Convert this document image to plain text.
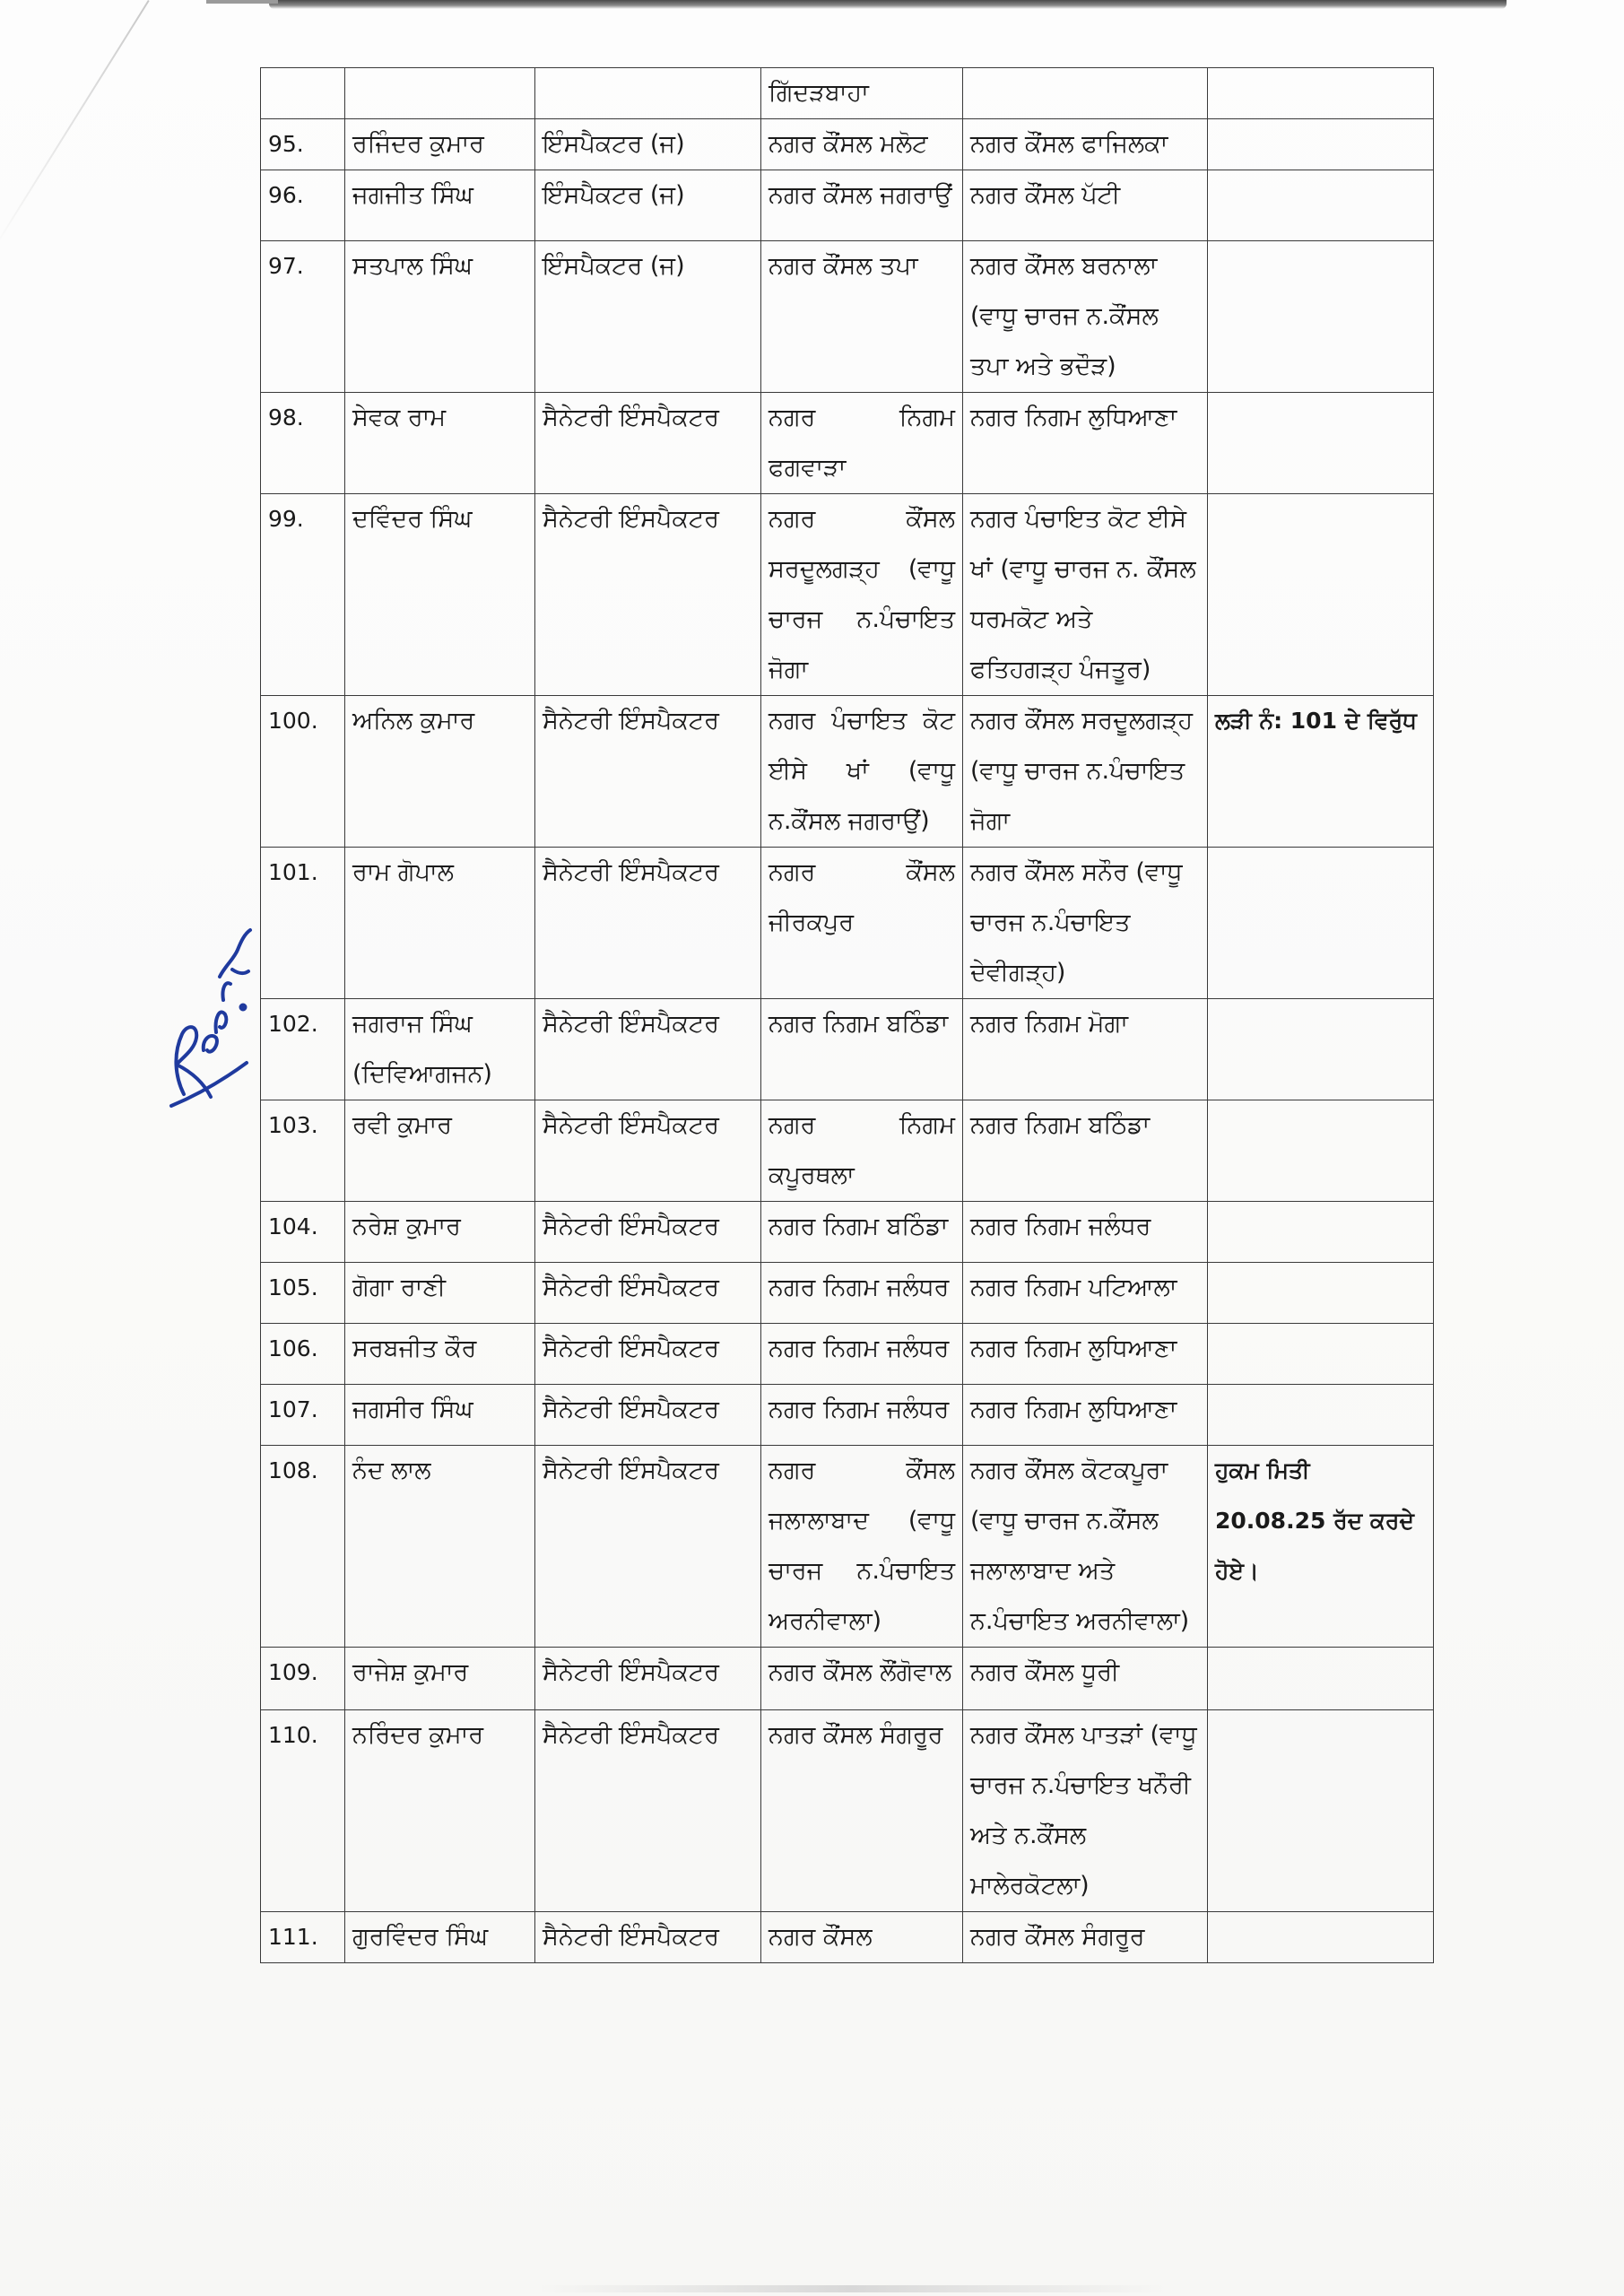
			ਗਿੱਦੜਬਾਹਾ		
95.	ਰਜਿੰਦਰ ਕੁਮਾਰ	ਇੰਸਪੈਕਟਰ (ਜ)	ਨਗਰ ਕੌਂਸਲ ਮਲੋਟ	ਨਗਰ ਕੌਂਸਲ ਫਾਜਿਲਕਾ	
96.	ਜਗਜੀਤ ਸਿੰਘ	ਇੰਸਪੈਕਟਰ (ਜ)	ਨਗਰ ਕੌਂਸਲ ਜਗਰਾਉਂ	ਨਗਰ ਕੌਂਸਲ ਪੱਟੀ	
97.	ਸਤਪਾਲ ਸਿੰਘ	ਇੰਸਪੈਕਟਰ (ਜ)	ਨਗਰ ਕੌਂਸਲ ਤਪਾ	ਨਗਰ ਕੌਂਸਲ ਬਰਨਾਲਾ (ਵਾਧੂ ਚਾਰਜ ਨ.ਕੌਂਸਲ ਤਪਾ ਅਤੇ ਭਦੌੜ)	
98.	ਸੇਵਕ ਰਾਮ	ਸੈਨੇਟਰੀ ਇੰਸਪੈਕਟਰ	ਨਗਰ ਨਿਗਮ ਫਗਵਾੜਾ	ਨਗਰ ਨਿਗਮ ਲੁਧਿਆਣਾ	
99.	ਦਵਿੰਦਰ ਸਿੰਘ	ਸੈਨੇਟਰੀ ਇੰਸਪੈਕਟਰ	ਨਗਰ ਕੌਂਸਲ ਸਰਦੂਲਗੜ੍ਹ (ਵਾਧੂ ਚਾਰਜ ਨ.ਪੰਚਾਇਤ ਜੋਗਾ	ਨਗਰ ਪੰਚਾਇਤ ਕੋਟ ਈਸੇ ਖਾਂ (ਵਾਧੂ ਚਾਰਜ ਨ. ਕੌਂਸਲ ਧਰਮਕੋਟ ਅਤੇ ਫਤਿਹਗੜ੍ਹ ਪੰਜਤੂਰ)	
100.	ਅਨਿਲ ਕੁਮਾਰ	ਸੈਨੇਟਰੀ ਇੰਸਪੈਕਟਰ	ਨਗਰ ਪੰਚਾਇਤ ਕੋਟ ਈਸੇ ਖਾਂ (ਵਾਧੂ ਨ.ਕੌਂਸਲ ਜਗਰਾਉਂ)	ਨਗਰ ਕੌਂਸਲ ਸਰਦੂਲਗੜ੍ਹ (ਵਾਧੂ ਚਾਰਜ ਨ.ਪੰਚਾਇਤ ਜੋਗਾ	ਲੜੀ ਨੰ: 101 ਦੇ ਵਿਰੁੱਧ
101.	ਰਾਮ ਗੋਪਾਲ	ਸੈਨੇਟਰੀ ਇੰਸਪੈਕਟਰ	ਨਗਰ ਕੌਂਸਲ ਜੀਰਕਪੁਰ	ਨਗਰ ਕੌਂਸਲ ਸਨੌਰ (ਵਾਧੂ ਚਾਰਜ ਨ.ਪੰਚਾਇਤ ਦੇਵੀਗੜ੍ਹ)	
102.	ਜਗਰਾਜ ਸਿੰਘ (ਦਿਵਿਆਗਜਨ)	ਸੈਨੇਟਰੀ ਇੰਸਪੈਕਟਰ	ਨਗਰ ਨਿਗਮ ਬਠਿੰਡਾ	ਨਗਰ ਨਿਗਮ ਮੋਗਾ	
103.	ਰਵੀ ਕੁਮਾਰ	ਸੈਨੇਟਰੀ ਇੰਸਪੈਕਟਰ	ਨਗਰ ਨਿਗਮ ਕਪੂਰਥਲਾ	ਨਗਰ ਨਿਗਮ ਬਠਿੰਡਾ	
104.	ਨਰੇਸ਼ ਕੁਮਾਰ	ਸੈਨੇਟਰੀ ਇੰਸਪੈਕਟਰ	ਨਗਰ ਨਿਗਮ ਬਠਿੰਡਾ	ਨਗਰ ਨਿਗਮ ਜਲੰਧਰ	
105.	ਗੋਗਾ ਰਾਣੀ	ਸੈਨੇਟਰੀ ਇੰਸਪੈਕਟਰ	ਨਗਰ ਨਿਗਮ ਜਲੰਧਰ	ਨਗਰ ਨਿਗਮ ਪਟਿਆਲਾ	
106.	ਸਰਬਜੀਤ ਕੌਰ	ਸੈਨੇਟਰੀ ਇੰਸਪੈਕਟਰ	ਨਗਰ ਨਿਗਮ ਜਲੰਧਰ	ਨਗਰ ਨਿਗਮ ਲੁਧਿਆਣਾ	
107.	ਜਗਸੀਰ ਸਿੰਘ	ਸੈਨੇਟਰੀ ਇੰਸਪੈਕਟਰ	ਨਗਰ ਨਿਗਮ ਜਲੰਧਰ	ਨਗਰ ਨਿਗਮ ਲੁਧਿਆਣਾ	
108.	ਨੰਦ ਲਾਲ	ਸੈਨੇਟਰੀ ਇੰਸਪੈਕਟਰ	ਨਗਰ ਕੌਂਸਲ ਜਲਾਲਾਬਾਦ (ਵਾਧੂ ਚਾਰਜ ਨ.ਪੰਚਾਇਤ ਅਰਨੀਵਾਲਾ)	ਨਗਰ ਕੌਂਸਲ ਕੋਟਕਪੂਰਾ (ਵਾਧੂ ਚਾਰਜ ਨ.ਕੌਂਸਲ ਜਲਾਲਾਬਾਦ ਅਤੇ ਨ.ਪੰਚਾਇਤ ਅਰਨੀਵਾਲਾ)	ਹੁਕਮ ਮਿਤੀ 20.08.25 ਰੱਦ ਕਰਦੇ ਹੋਏ।
109.	ਰਾਜੇਸ਼ ਕੁਮਾਰ	ਸੈਨੇਟਰੀ ਇੰਸਪੈਕਟਰ	ਨਗਰ ਕੌਂਸਲ ਲੌਂਗੋਵਾਲ	ਨਗਰ ਕੌਂਸਲ ਧੂਰੀ	
110.	ਨਰਿੰਦਰ ਕੁਮਾਰ	ਸੈਨੇਟਰੀ ਇੰਸਪੈਕਟਰ	ਨਗਰ ਕੌਂਸਲ ਸੰਗਰੂਰ	ਨਗਰ ਕੌਂਸਲ ਪਾਤੜਾਂ (ਵਾਧੂ ਚਾਰਜ ਨ.ਪੰਚਾਇਤ ਖਨੌਰੀ ਅਤੇ ਨ.ਕੌਂਸਲ ਮਾਲੇਰਕੋਟਲਾ)	
111.	ਗੁਰਵਿੰਦਰ ਸਿੰਘ	ਸੈਨੇਟਰੀ ਇੰਸਪੈਕਟਰ	ਨਗਰ ਕੌਂਸਲ	ਨਗਰ ਕੌਂਸਲ ਸੰਗਰੂਰ	
